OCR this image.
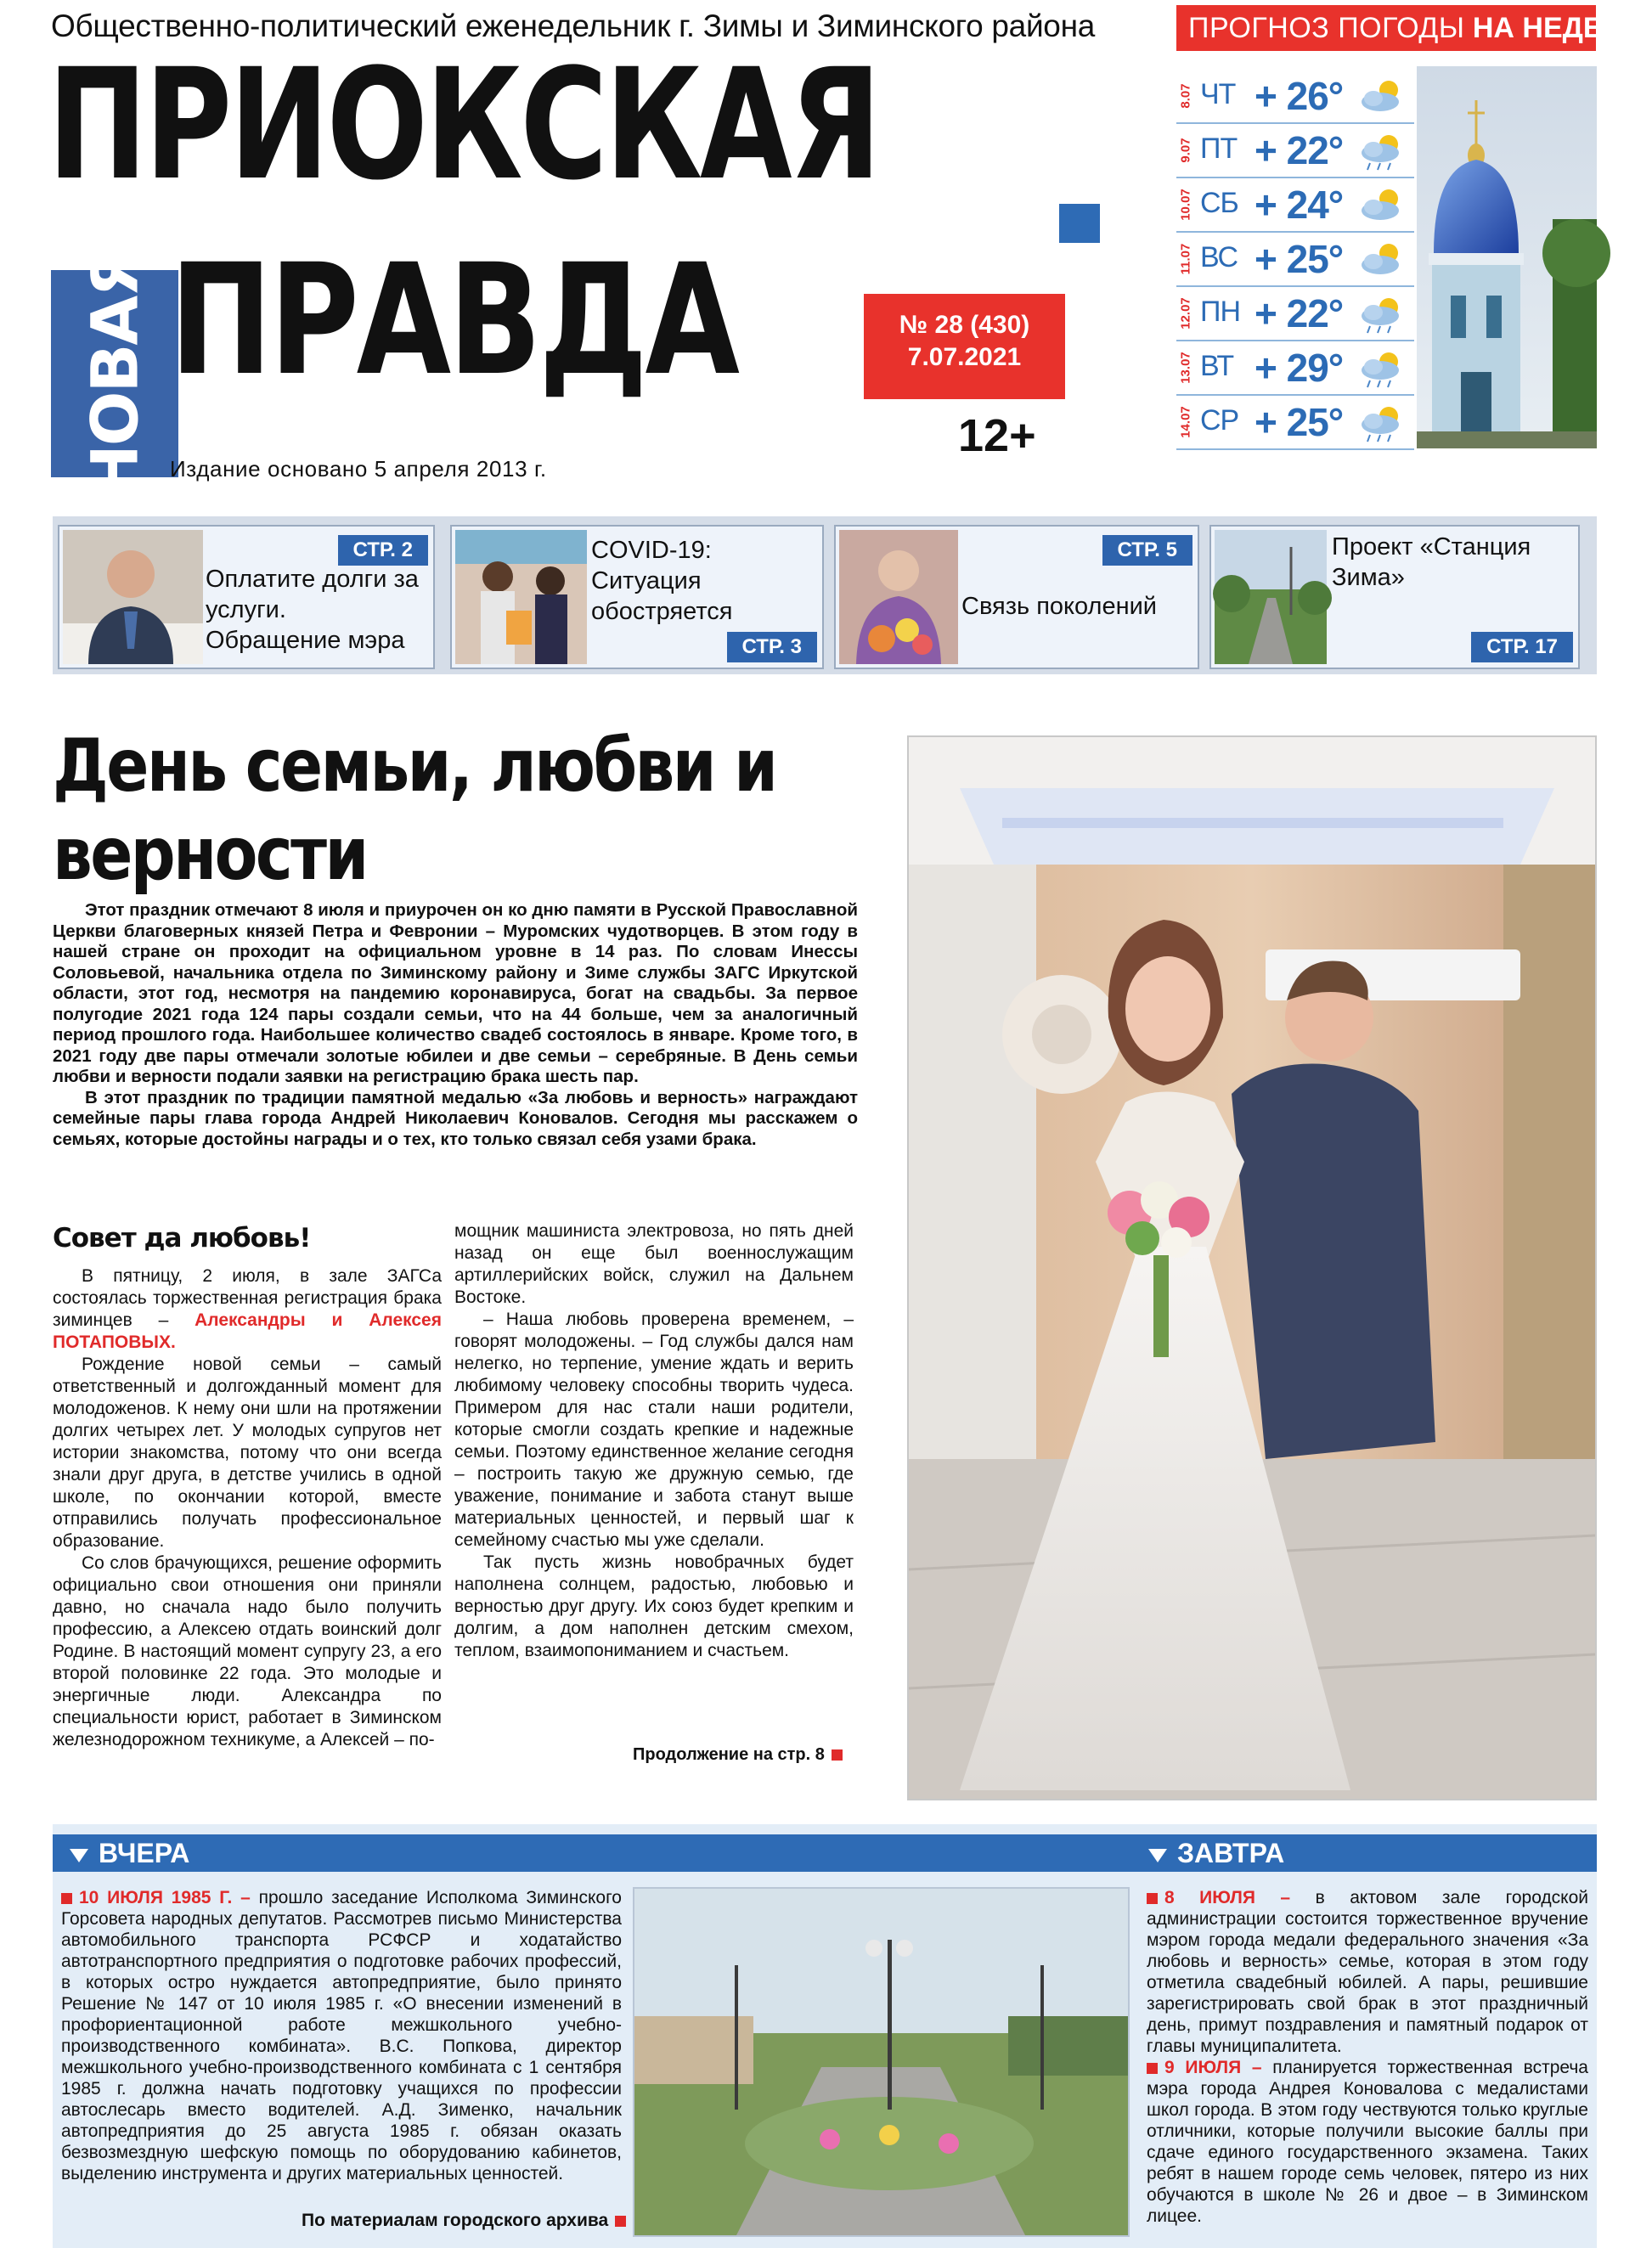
Общественно-политический еженедельник г. Зимы и Зиминского района
ПРИОКСКАЯ
НОВАЯ ПРАВДА
Издание основано 5 апреля 2013 г.
№ 28 (430)
7.07.2021
12+
ПРОГНОЗ ПОГОДЫ НА НЕДЕЛЮ
8.07 ЧТ + 26°
9.07 ПТ + 22°
10.07 СБ + 24°
11.07 ВС + 25°
12.07 ПН + 22°
13.07 ВТ + 29°
14.07 СР + 25°
Оплатите долги за услуги. Обращение мэра
СТР. 2	COVID-19: Ситуация обостряется
СТР. 3
Связь поколений
СТР. 5	Проект «Станция Зима»
СТР. 17
День семьи, любви и верности

Этот праздник отмечают 8 июля и приурочен он ко дню памяти в Русской Православной Церкви благоверных князей Петра и Февронии – Муромских чудотворцев. В этом году в нашей стране он проходит на официальном уровне в 14 раз. По словам Инессы Соловьевой, начальника отдела по Зиминскому району и Зиме службы ЗАГС Иркутской области, этот год, несмотря на пандемию коронавируса, богат на свадьбы. За первое полугодие 2021 года 124 пары создали семьи, что на 44 больше, чем за аналогичный период прошлого года. Наибольшее количество свадеб состоялось в январе. Кроме того, в 2021 году две пары отмечали золотые юбилеи и две семьи – серебряные. В День семьи любви и верности подали заявки на регистрацию брака шесть пар.

В этот праздник по традиции памятной медалью «За любовь и верность» награждают семейные пары глава города Андрей Николаевич Коновалов. Сегодня мы расскажем о семьях, которые достойны награды и о тех, кто только связал себя узами брака.

Совет да любовь!

В пятницу, 2 июля, в зале ЗАГСа состоялась торжественная регистрация брака зиминцев – Александры и Алексея ПОТАПОВЫХ.

Рождение новой семьи – самый ответственный и долгожданный момент для молодоженов. К нему они шли на протяжении долгих четырех лет. У молодых супругов нет истории знакомства, потому что они всегда знали друг друга, в детстве учились в одной школе, по окончании которой, вместе отправились получать профессиональное образование.

Со слов брачующихся, решение оформить официально свои отношения они приняли давно, но сначала надо было получить профессию, а Алексею отдать воинский долг Родине. В настоящий момент супругу 23, а его второй половинке 22 года. Это молодые и энергичные люди. Александра по специальности юрист, работает в Зиминском железнодорожном техникуме, а Алексей – по-

мощник машиниста электровоза, но пять дней назад он еще был военнослужащим артиллерийских войск, служил на Дальнем Востоке.

– Наша любовь проверена временем, – говорят молодожены. – Год службы дался нам нелегко, но терпение, умение ждать и верить любимому человеку способны творить чудеса. Примером для нас стали наши родители, которые смогли создать крепкие и надежные семьи. Поэтому единственное желание сегодня – построить такую же дружную семью, где уважение, понимание и забота станут выше материальных ценностей, и первый шаг к семейному счастью мы уже сделали.

Так пусть жизнь новобрачных будет наполнена солнцем, радостью, любовью и верностью друг другу. Их союз будет крепким и долгим, а дом наполнен детским смехом, теплом, взаимопониманием и счастьем.

Продолжение на стр. 8
ВЧЕРА	ЗАВТРА

10 ИЮЛЯ 1985 Г. – прошло заседание Исполкома Зиминского Горсовета народных депутатов. Рассмотрев письмо Министерства автомобильного транспорта РСФСР и ходатайство автотранспортного предприятия о подготовке рабочих профессий, в которых остро нуждается автопредприятие, было принято Решение № 147 от 10 июля 1985 г. «О внесении изменений в профориентационной работе межшкольного учебно-производственного комбината». В.С. Попкова, директор межшкольного учебно-производственного комбината с 1 сентября 1985 г. должна начать подготовку учащихся по профессии автослесарь вместо водителей. А.Д. Зименко, начальник автопредприятия до 25 августа 1985 г. обязан оказать безвозмездную шефскую помощь по оборудованию кабинетов, выделению инструмента и других материальных ценностей.

По материалам городского архива

8 ИЮЛЯ – в актовом зале городской администрации состоится торжественное вручение мэром города медали федерального значения «За любовь и верность» семье, которая в этом году отметила свадебный юбилей. А пары, решившие зарегистрировать свой брак в этот праздничный день, примут поздравления и памятный подарок от главы муниципалитета.

9 ИЮЛЯ – планируется торжественная встреча мэра города Андрея Коновалова с медалистами школ города. В этом году чествуются только круглые отличники, которые получили высокие баллы при сдаче единого государственного экзамена. Таких ребят в нашем городе семь человек, пятеро из них обучаются в школе № 26 и двое – в Зиминском лицее.
